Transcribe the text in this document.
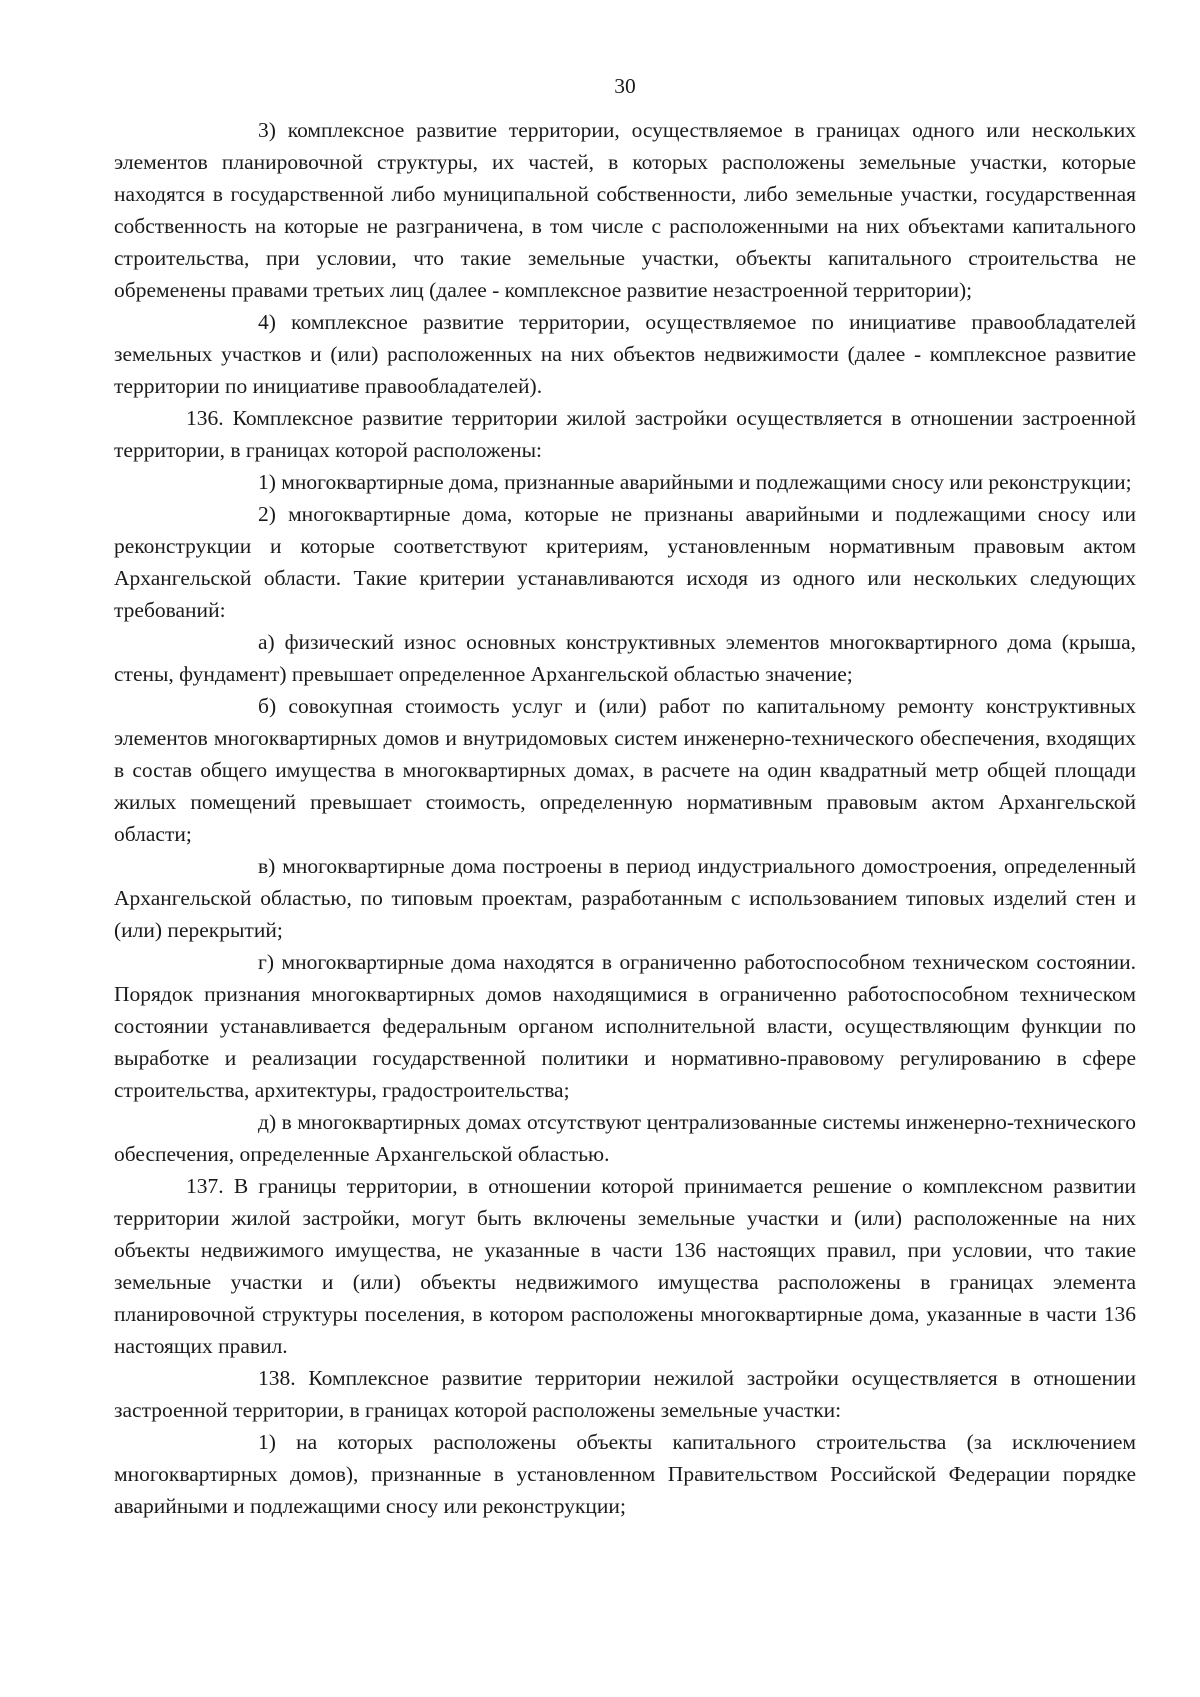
30

3) комплексное развитие территории, осуществляемое в границах одного или нескольких элементов планировочной структуры, их частей, в которых расположены земельные участки, которые находятся в государственной либо муниципальной собственности, либо земельные участки, государственная собственность на которые не разграничена, в том числе с расположенными на них объектами капитального строительства, при условии, что такие земельные участки, объекты капитального строительства не обременены правами третьих лиц (далее - комплексное развитие незастроенной территории);

4) комплексное развитие территории, осуществляемое по инициативе правообладателей земельных участков и (или) расположенных на них объектов недвижимости (далее - комплексное развитие территории по инициативе правообладателей).

136. Комплексное развитие территории жилой застройки осуществляется в отношении застроенной территории, в границах которой расположены:

1) многоквартирные дома, признанные аварийными и подлежащими сносу или реконструкции;

2) многоквартирные дома, которые не признаны аварийными и подлежащими сносу или реконструкции и которые соответствуют критериям, установленным нормативным правовым актом Архангельской области. Такие критерии устанавливаются исходя из одного или нескольких следующих требований:

а) физический износ основных конструктивных элементов многоквартирного дома (крыша, стены, фундамент) превышает определенное Архангельской областью значение;

б) совокупная стоимость услуг и (или) работ по капитальному ремонту конструктивных элементов многоквартирных домов и внутридомовых систем инженерно-технического обеспечения, входящих в состав общего имущества в многоквартирных домах, в расчете на один квадратный метр общей площади жилых помещений превышает стоимость, определенную нормативным правовым актом Архангельской области;

в) многоквартирные дома построены в период индустриального домостроения, определенный Архангельской областью, по типовым проектам, разработанным с использованием типовых изделий стен и (или) перекрытий;

г) многоквартирные дома находятся в ограниченно работоспособном техническом состоянии. Порядок признания многоквартирных домов находящимися в ограниченно работоспособном техническом состоянии устанавливается федеральным органом исполнительной власти, осуществляющим функции по выработке и реализации государственной политики и нормативно-правовому регулированию в сфере строительства, архитектуры, градостроительства;

д) в многоквартирных домах отсутствуют централизованные системы инженерно-технического обеспечения, определенные Архангельской областью.

137. В границы территории, в отношении которой принимается решение о комплексном развитии территории жилой застройки, могут быть включены земельные участки и (или) расположенные на них объекты недвижимого имущества, не указанные в части 136 настоящих правил, при условии, что такие земельные участки и (или) объекты недвижимого имущества расположены в границах элемента планировочной структуры поселения, в котором расположены многоквартирные дома, указанные в части 136 настоящих правил.

138. Комплексное развитие территории нежилой застройки осуществляется в отношении застроенной территории, в границах которой расположены земельные участки:

1) на которых расположены объекты капитального строительства (за исключением многоквартирных домов), признанные в установленном Правительством Российской Федерации порядке аварийными и подлежащими сносу или реконструкции;
